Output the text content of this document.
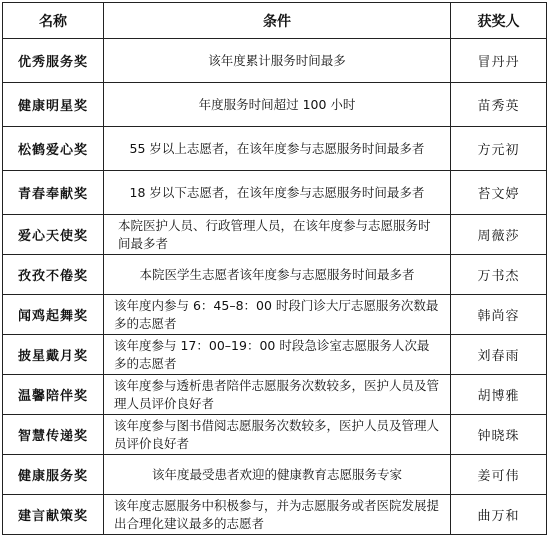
名称	条件	获奖人
优秀服务奖	该年度累计服务时间最多	冒丹丹
健康明星奖	年度服务时间超过 100 小时	苗秀英
松鹤爱心奖	55 岁以上志愿者，在该年度参与志愿服务时间最多者	方元初
青春奉献奖	18 岁以下志愿者，在该年度参与志愿服务时间最多者	苔文婷
爱心天使奖	本院医护人员、行政管理人员，在该年度参与志愿服务时间最多者	周薇莎
孜孜不倦奖	本院医学生志愿者该年度参与志愿服务时间最多者	万书杰
闻鸡起舞奖	该年度内参与 6：45–8：00 时段门诊大厅志愿服务次数最多的志愿者	韩尚容
披星戴月奖	该年度参与 17：00–19：00 时段急诊室志愿服务人次最多的志愿者	刘春雨
温馨陪伴奖	该年度参与透析患者陪伴志愿服务次数较多，医护人员及管理人员评价良好者	胡博雅
智慧传递奖	该年度参与图书借阅志愿服务次数较多，医护人员及管理人员评价良好者	钟晓珠
健康服务奖	该年度最受患者欢迎的健康教育志愿服务专家	姜可伟
建言献策奖	该年度志愿服务中积极参与，并为志愿服务或者医院发展提出合理化建议最多的志愿者	曲万和
